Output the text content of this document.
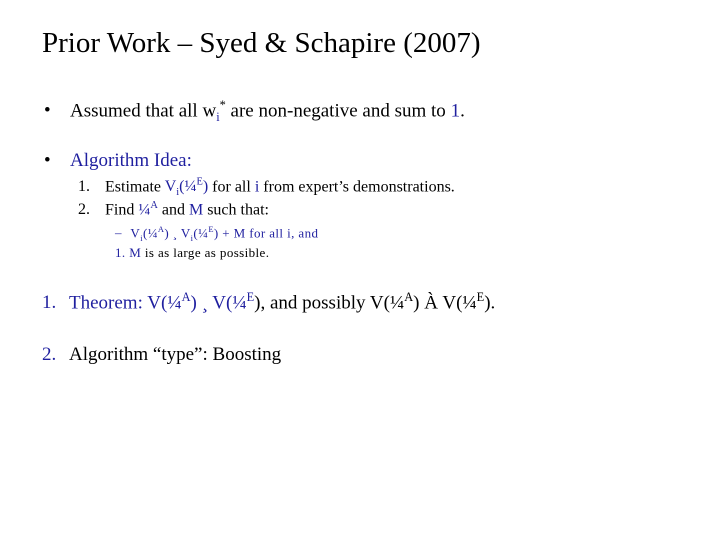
Prior Work – Syed & Schapire (2007)
• Assumed that all $w_i^*$ are non-negative and sum to 1.
• Algorithm Idea:
1. Estimate $V_i(\frac{1}{4}^E)$ for all i from expert’s demonstrations.
2. Find ¼$^A$ and M such that:
– $V_i(\frac{1}{4}^A)$ ¸ $V_i(\frac{1}{4}^E) + M$ for all i, and
1. M is as large as possible.
1. Theorem: V(¼$^A$) ¸ V(¼$^E$), and possibly V(¼$^A$) À V(¼$^E$).
2. Algorithm “type”: Boosting
